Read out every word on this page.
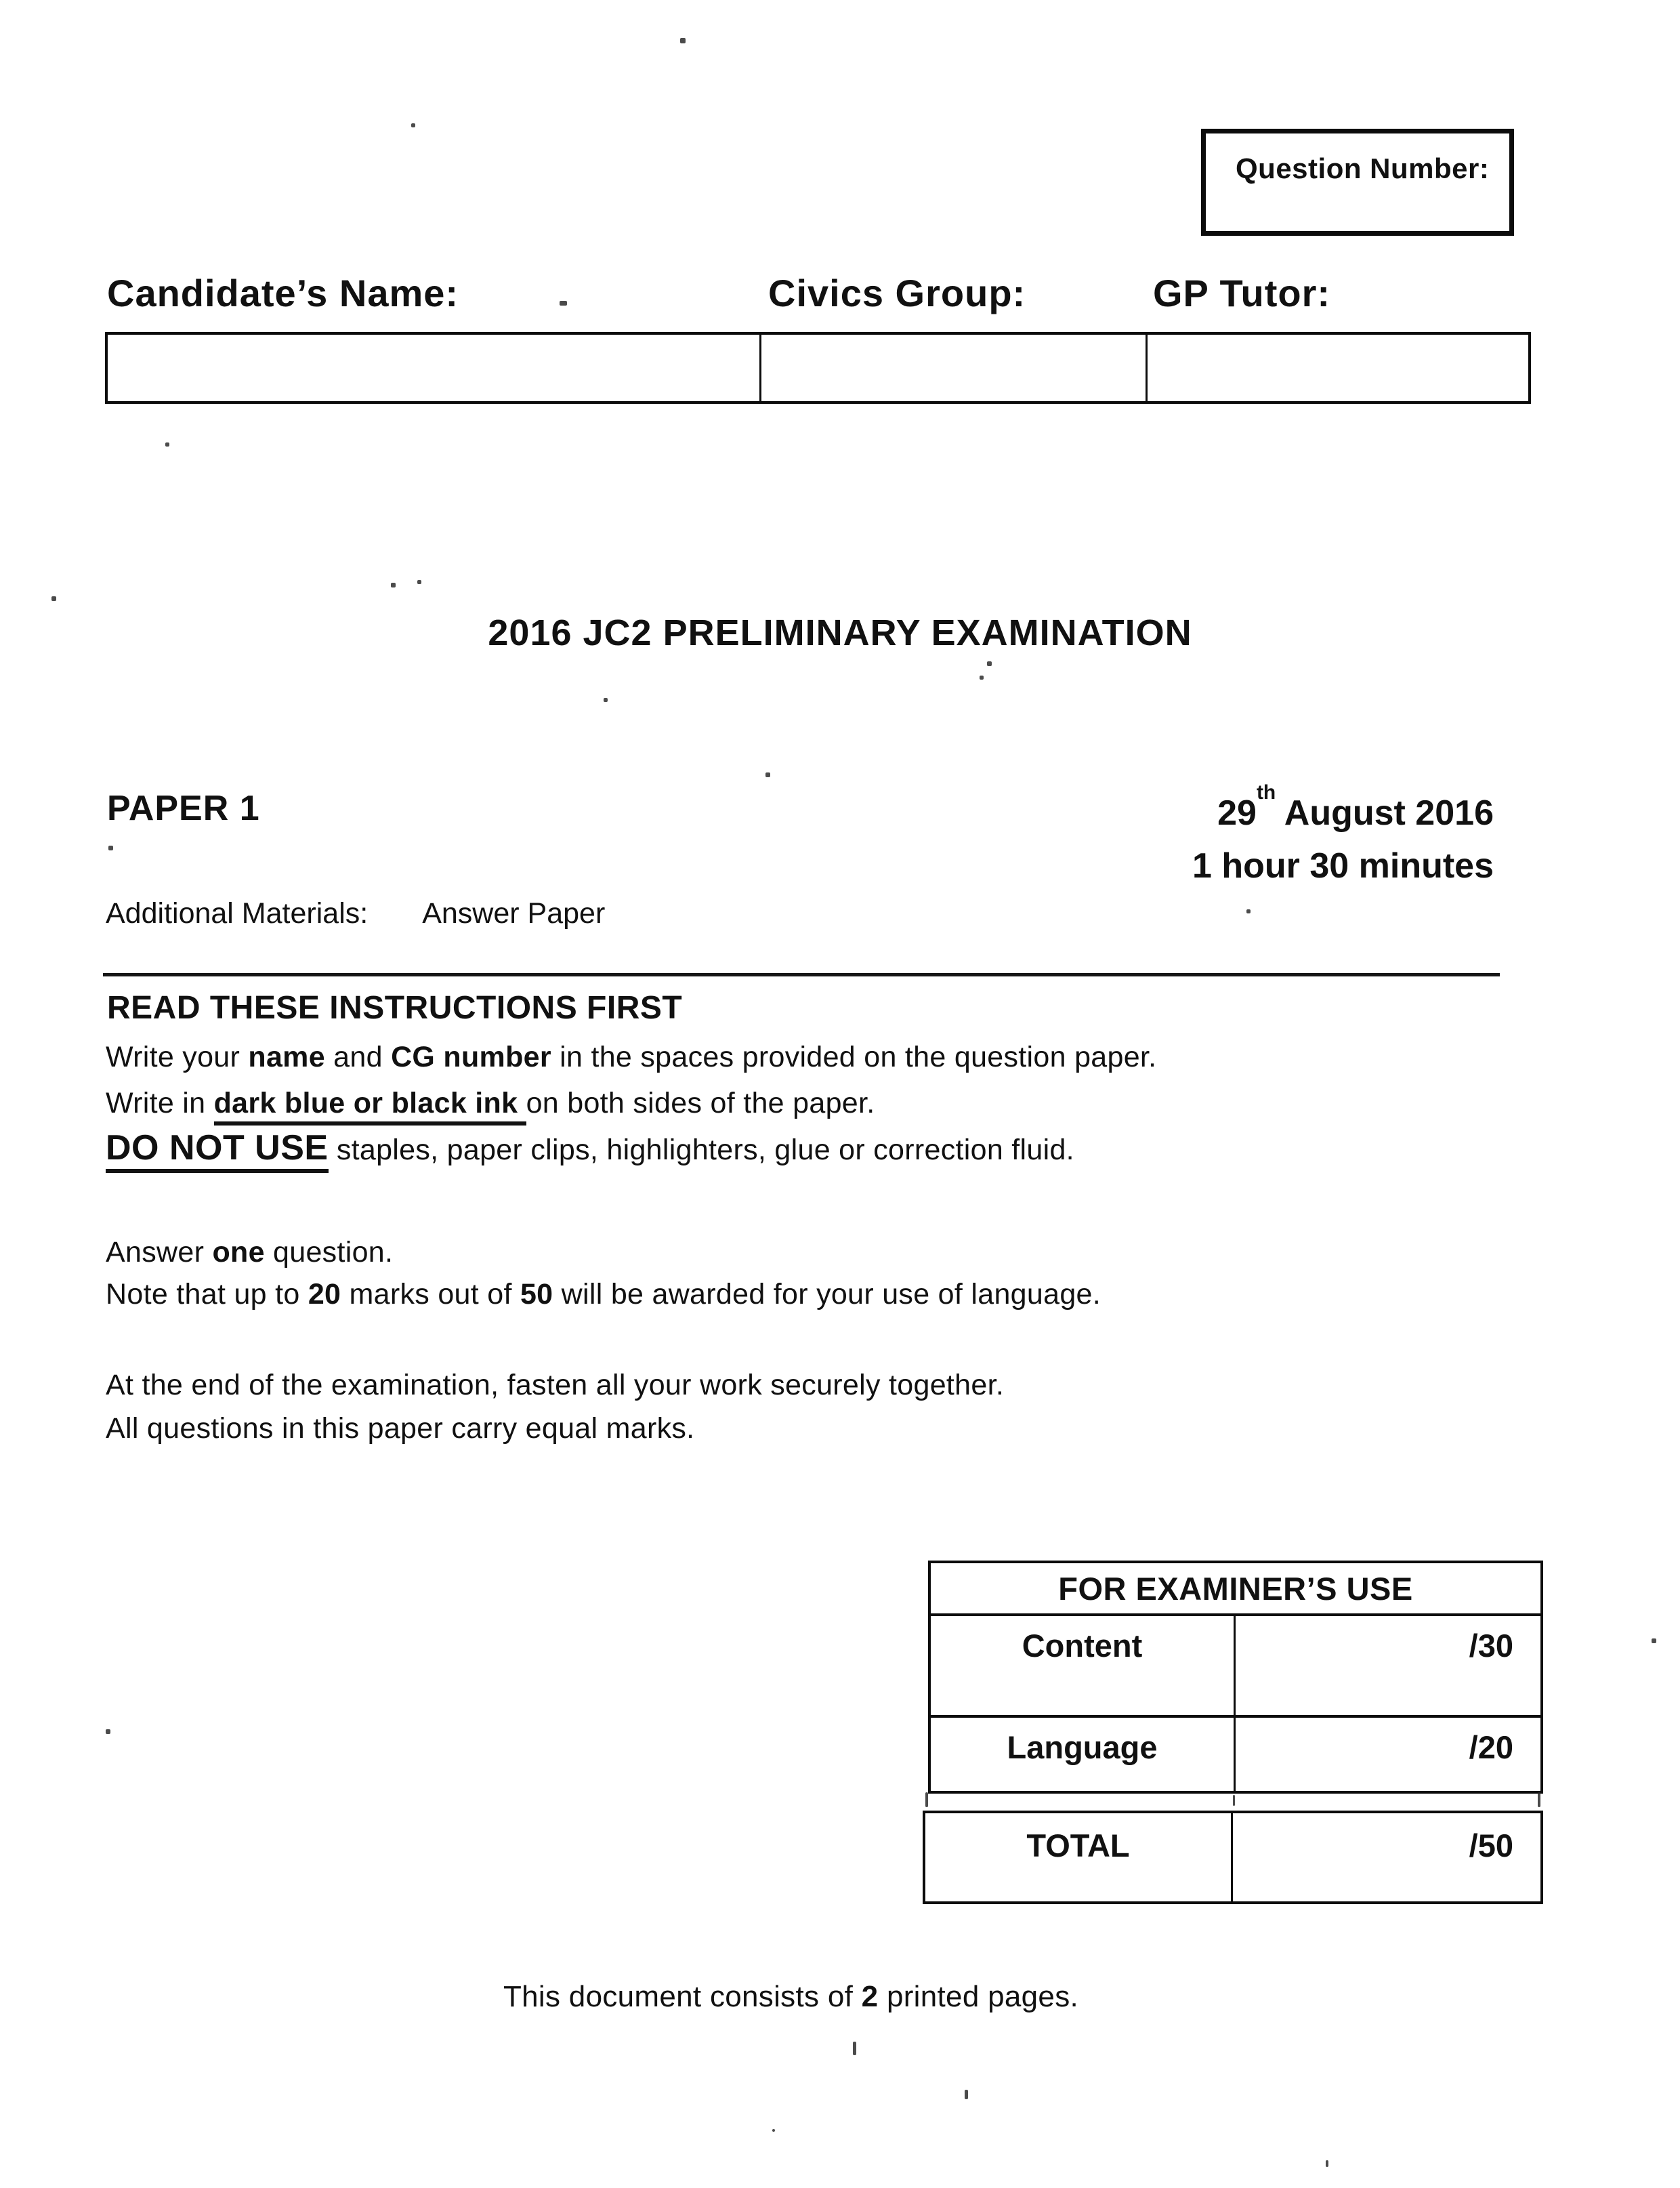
Question Number:
Candidate’s Name:	Civics Group:	GP Tutor:
2016 JC2 PRELIMINARY EXAMINATION
PAPER 1	29th August 2016
1 hour 30 minutes
Additional Materials: Answer Paper
READ THESE INSTRUCTIONS FIRST
Write your name and CG number in the spaces provided on the question paper.
Write in dark blue or black ink on both sides of the paper.
DO NOT USE staples, paper clips, highlighters, glue or correction fluid.
Answer one question.
Note that up to 20 marks out of 50 will be awarded for your use of language.
At the end of the examination, fasten all your work securely together.
All questions in this paper carry equal marks.
FOR EXAMINER’S USE
Content	/30
Language	/20
TOTAL	/50
This document consists of 2 printed pages.
